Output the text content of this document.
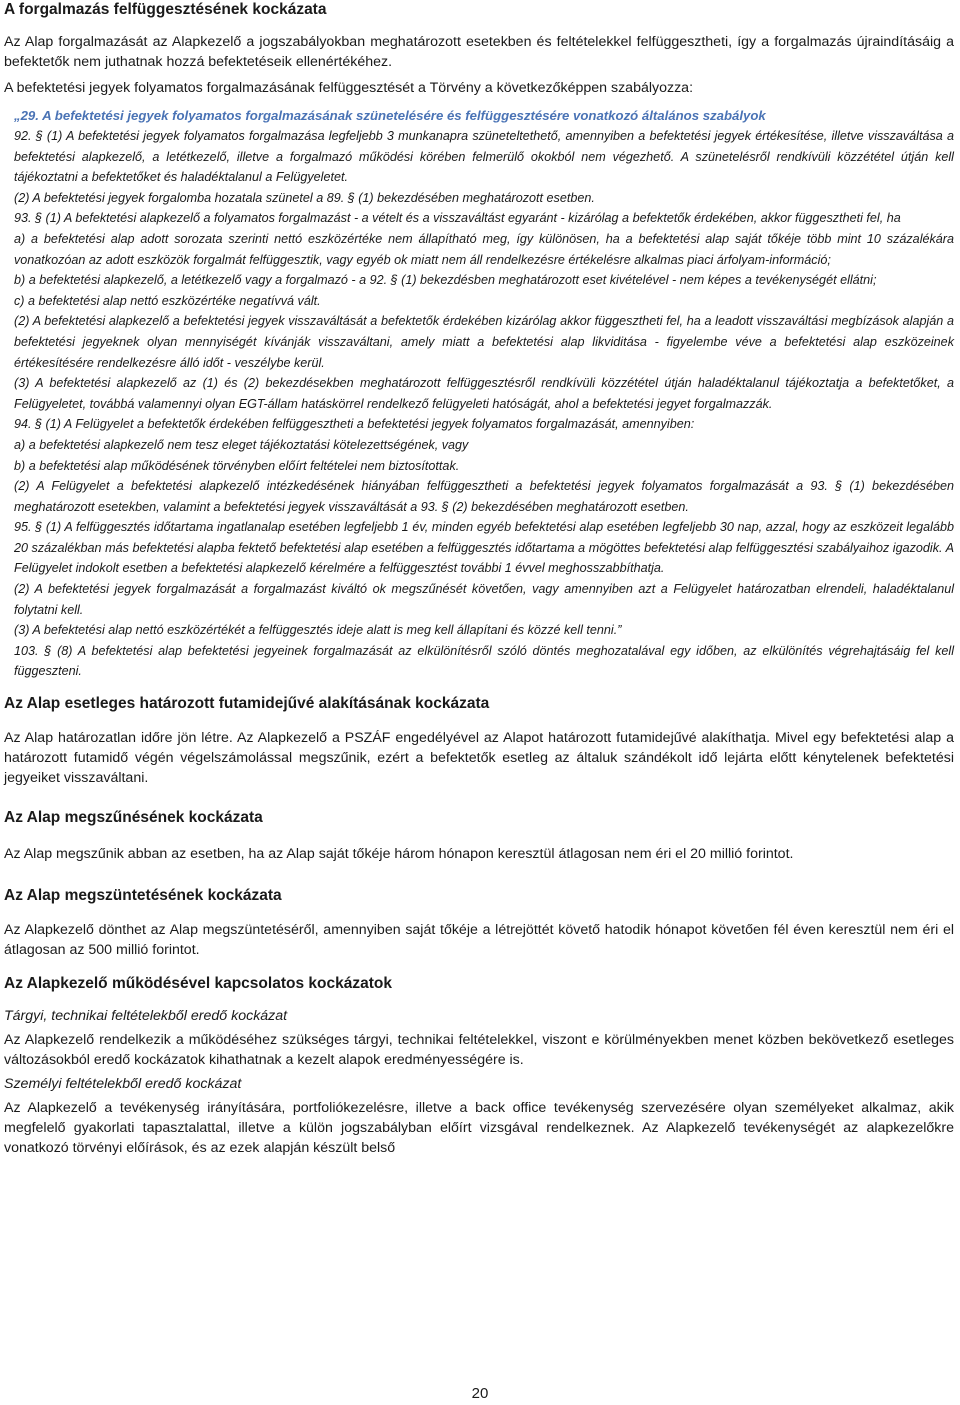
A forgalmazás felfüggesztésének kockázata

Az Alap forgalmazását az Alapkezelő a jogszabályokban meghatározott esetekben és feltételekkel felfüggesztheti, így a forgalmazás újraindításáig a befektetők nem juthatnak hozzá befektetéseik ellenértékéhez.

A befektetési jegyek folyamatos forgalmazásának felfüggesztését a Törvény a következőképpen szabályozza:

„29. A befektetési jegyek folyamatos forgalmazásának szünetelésére és felfüggesztésére vonatkozó általános szabályok

92. § (1) A befektetési jegyek folyamatos forgalmazása legfeljebb 3 munkanapra szüneteltethető, amennyiben a befektetési jegyek értékesítése, illetve visszaváltása a befektetési alapkezelő, a letétkezelő, illetve a forgalmazó működési körében felmerülő okokból nem végezhető. A szünetelésről rendkívüli közzététel útján kell tájékoztatni a befektetőket és haladéktalanul a Felügyeletet.

(2) A befektetési jegyek forgalomba hozatala szünetel a 89. § (1) bekezdésében meghatározott esetben.

93. § (1) A befektetési alapkezelő a folyamatos forgalmazást - a vételt és a visszaváltást egyaránt - kizárólag a befektetők érdekében, akkor függesztheti fel, ha

a) a befektetési alap adott sorozata szerinti nettó eszközértéke nem állapítható meg, így különösen, ha a befektetési alap saját tőkéje több mint 10 százalékára vonatkozóan az adott eszközök forgalmát felfüggesztik, vagy egyéb ok miatt nem áll rendelkezésre értékelésre alkalmas piaci árfolyam-információ;

b) a befektetési alapkezelő, a letétkezelő vagy a forgalmazó - a 92. § (1) bekezdésben meghatározott eset kivételével - nem képes a tevékenységét ellátni;

c) a befektetési alap nettó eszközértéke negatívvá vált.

(2) A befektetési alapkezelő a befektetési jegyek visszaváltását a befektetők érdekében kizárólag akkor függesztheti fel, ha a leadott visszaváltási megbízások alapján a befektetési jegyeknek olyan mennyiségét kívánják visszaváltani, amely miatt a befektetési alap likviditása - figyelembe véve a befektetési alap eszközeinek értékesítésére rendelkezésre álló időt - veszélybe kerül.

(3) A befektetési alapkezelő az (1) és (2) bekezdésekben meghatározott felfüggesztésről rendkívüli közzététel útján haladéktalanul tájékoztatja a befektetőket, a Felügyeletet, továbbá valamennyi olyan EGT-állam hatáskörrel rendelkező felügyeleti hatóságát, ahol a befektetési jegyet forgalmazzák.

94. § (1) A Felügyelet a befektetők érdekében felfüggesztheti a befektetési jegyek folyamatos forgalmazását, amennyiben:

a) a befektetési alapkezelő nem tesz eleget tájékoztatási kötelezettségének, vagy

b) a befektetési alap működésének törvényben előírt feltételei nem biztosítottak.

(2) A Felügyelet a befektetési alapkezelő intézkedésének hiányában felfüggesztheti a befektetési jegyek folyamatos forgalmazását a 93. § (1) bekezdésében meghatározott esetekben, valamint a befektetési jegyek visszaváltását a 93. § (2) bekezdésében meghatározott esetben.

95. § (1) A felfüggesztés időtartama ingatlanalap esetében legfeljebb 1 év, minden egyéb befektetési alap esetében legfeljebb 30 nap, azzal, hogy az eszközeit legalább 20 százalékban más befektetési alapba fektető befektetési alap esetében a felfüggesztés időtartama a mögöttes befektetési alap felfüggesztési szabályaihoz igazodik. A Felügyelet indokolt esetben a befektetési alapkezelő kérelmére a felfüggesztést további 1 évvel meghosszabbíthatja.

(2) A befektetési jegyek forgalmazását a forgalmazást kiváltó ok megszűnését követően, vagy amennyiben azt a Felügyelet határozatban elrendeli, haladéktalanul folytatni kell.

(3) A befektetési alap nettó eszközértékét a felfüggesztés ideje alatt is meg kell állapítani és közzé kell tenni.”

103. § (8) A befektetési alap befektetési jegyeinek forgalmazását az elkülönítésről szóló döntés meghozatalával egy időben, az elkülönítés végrehajtásáig fel kell függeszteni.

Az Alap esetleges határozott futamidejűvé alakításának kockázata

Az Alap határozatlan időre jön létre. Az Alapkezelő a PSZÁF engedélyével az Alapot határozott futamidejűvé alakíthatja. Mivel egy befektetési alap a határozott futamidő végén végelszámolással megszűnik, ezért a befektetők esetleg az általuk szándékolt idő lejárta előtt kénytelenek befektetési jegyeiket visszaváltani.

Az Alap megszűnésének kockázata

Az Alap megszűnik abban az esetben, ha az Alap saját tőkéje három hónapon keresztül átlagosan nem éri el 20 millió forintot.

Az Alap megszüntetésének kockázata

Az Alapkezelő dönthet az Alap megszüntetéséről, amennyiben saját tőkéje a létrejöttét követő hatodik hónapot követően fél éven keresztül nem éri el átlagosan az 500 millió forintot.

Az Alapkezelő működésével kapcsolatos kockázatok

Tárgyi, technikai feltételekből eredő kockázat

Az Alapkezelő rendelkezik a működéséhez szükséges tárgyi, technikai feltételekkel, viszont e körülményekben menet közben bekövetkező esetleges változásokból eredő kockázatok kihathatnak a kezelt alapok eredményességére is.

Személyi feltételekből eredő kockázat

Az Alapkezelő a tevékenység irányítására, portfoliókezelésre, illetve a back office tevékenység szervezésére olyan személyeket alkalmaz, akik megfelelő gyakorlati tapasztalattal, illetve a külön jogszabályban előírt vizsgával rendelkeznek. Az Alapkezelő tevékenységét az alapkezelőkre vonatkozó törvényi előírások, és az ezek alapján készült belső

20
